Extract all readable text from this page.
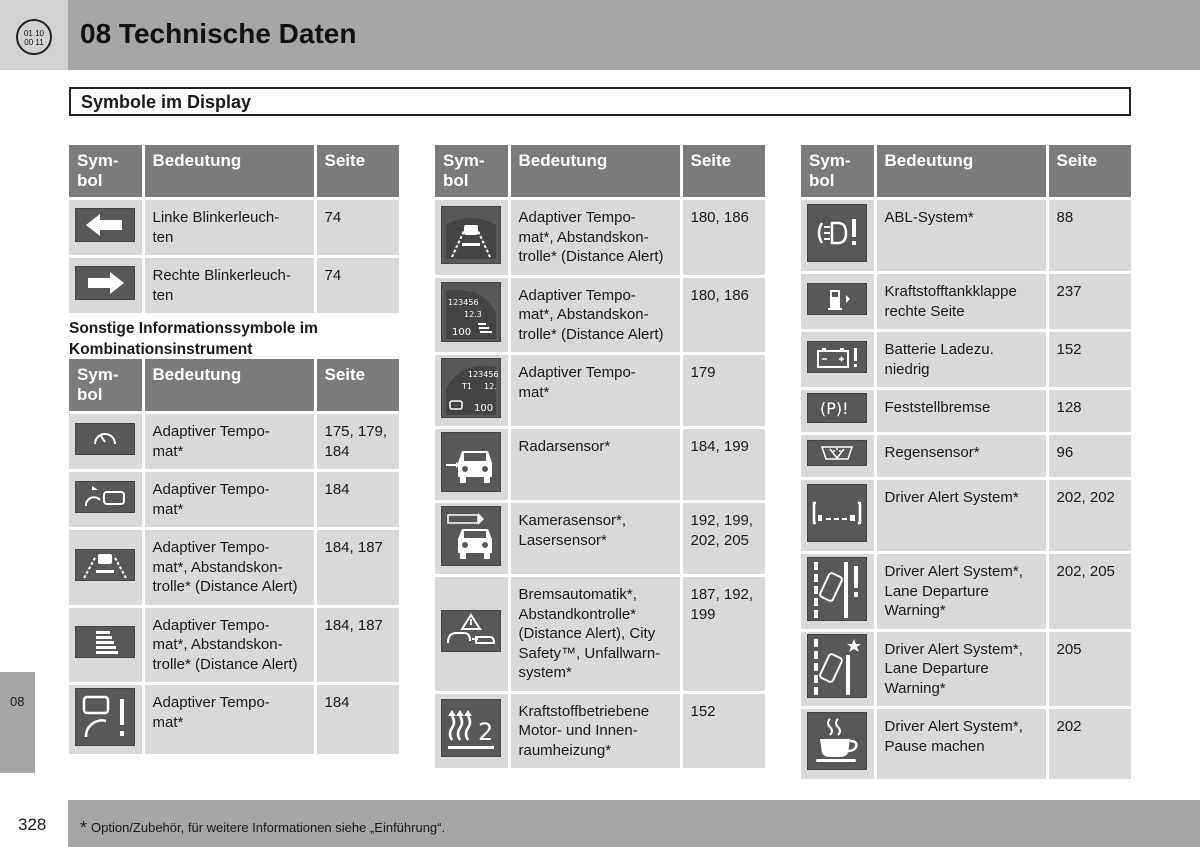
01 10
00 11 08 Technische Daten
Symbole im Display
Sym-
bol	Bedeutung	Seite

	Linke Blinkerleuch-
ten	74

	Rechte Blinkerleuch-
ten	74
Sonstige Informationssymbole im Kombinationsinstrument
Sym-
bol	Bedeutung	Seite

	Adaptiver Tempo-
mat*	175, 179,
184

	Adaptiver Tempo-
mat*	184

	Adaptiver Tempo-
mat*, Abstandskon-
trolle* (Distance Alert)	184, 187

	Adaptiver Tempo-
mat*, Abstandskon-
trolle* (Distance Alert)	184, 187

	Adaptiver Tempo-
mat*	184
Sym-
bol	Bedeutung	Seite

	Adaptiver Tempo-
mat*, Abstandskon-
trolle* (Distance Alert)	180, 186

123456
12.3
100	Adaptiver Tempo-
mat*, Abstandskon-
trolle* (Distance Alert)	180, 186

123456
T1 12.
100	Adaptiver Tempo-
mat*	179

	Radarsensor*	184, 199

	Kamerasensor*,
Lasersensor*	192, 199,
202, 205

	Bremsautomatik*,
Abstandkontrolle*
(Distance Alert), City
Safety™, Unfallwarn-
system*	187, 192,
199

2	Kraftstoffbetriebene
Motor- und Innen-
raumheizung*	152
Sym-
bol	Bedeutung	Seite

	ABL-System*	88

	Kraftstofftankklappe
rechte Seite	237

	Batterie Ladezu.
niedrig	152

(P)!	Feststellbremse	128

	Regensensor*	96

	Driver Alert System*	202, 202

	Driver Alert System*,
Lane Departure
Warning*	202, 205

	Driver Alert System*,
Lane Departure
Warning*	205

	Driver Alert System*,
Pause machen	202
08
328 * Option/Zubehör, für weitere Informationen siehe „Einführung“.
